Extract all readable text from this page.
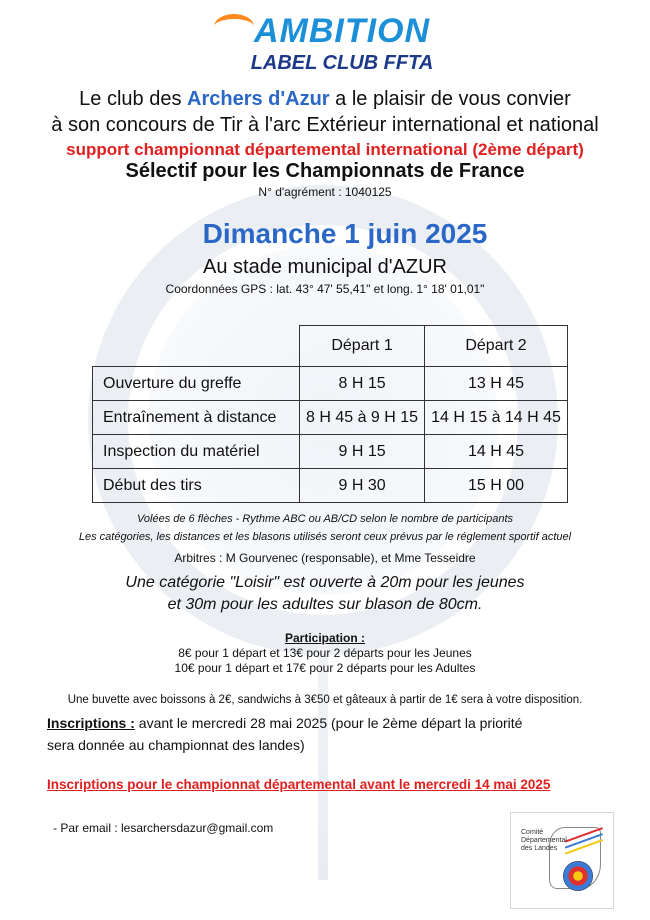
AMBITION
LABEL CLUB FFTA
Le club des Archers d'Azur a le plaisir de vous convier
à son concours de Tir à l'arc Extérieur international et national
support championnat départemental international (2ème départ)
Sélectif pour les Championnats de France
N° d'agrément : 1040125
Dimanche 1 juin 2025
Au stade municipal d'AZUR
Coordonnées GPS : lat. 43° 47' 55,41" et long. 1° 18' 01,01"
	Départ 1	Départ 2
Ouverture du greffe	8 H 15	13 H 45
Entraînement à distance	8 H 45 à 9 H 15	14 H 15 à 14 H 45
Inspection du matériel	9 H 15	14 H 45
Début des tirs	9 H 30	15 H 00
Volées de 6 flèches - Rythme ABC ou AB/CD selon le nombre de participants
Les catégories, les distances et les blasons utilisés seront ceux prévus par le réglement sportif actuel
Arbitres : M Gourvenec (responsable), et Mme Tesseidre
Une catégorie "Loisir" est ouverte à 20m pour les jeunes
et 30m pour les adultes sur blason de 80cm.
Participation :
8€ pour 1 départ et 13€ pour 2 départs pour les Jeunes
10€ pour 1 départ et 17€ pour 2 départs pour les Adultes
Une buvette avec boissons à 2€, sandwichs à 3€50 et gâteaux à partir de 1€ sera à votre disposition.
Inscriptions : avant le mercredi 28 mai 2025 (pour le 2ème départ la priorité
sera donnée au championnat des landes)
Inscriptions pour le championnat départemental avant le mercredi 14 mai 2025
- Par email : lesarchersdazur@gmail.com	Comité
Départemental
des Landes
